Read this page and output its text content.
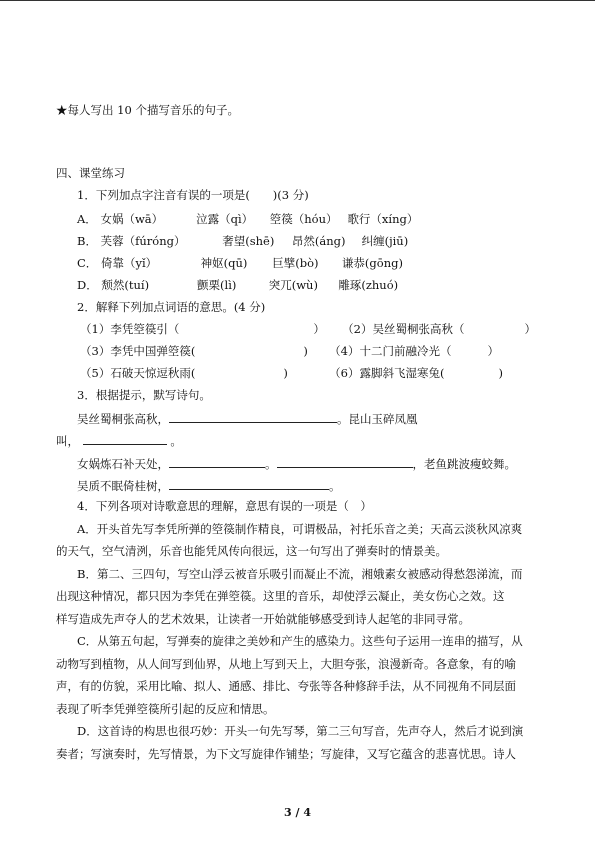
★每人写出 10 个描写音乐的句子。
四、课堂练习
1．下列加点字注音有误的一项是(　　)(3 分)
A． 女娲（wā）	泣露（qì） 箜篌（hóu） 歌行（xíng）
B． 芙蓉（fúróng）	奢望(shē) 昂然(áng) 纠缠(jiū)
C． 倚靠（yǐ）	神妪(qū) 巨擘(bò) 谦恭(gōng)
D． 颓然(tuí)	颤栗(lì)	突兀(wù) 雕琢(zhuó)
2．解释下列加点词语的意思。(4 分)
（1）李凭箜篌引（	） （2）吴丝蜀桐张高秋（	）
（3）李凭中国弹箜篌(	) （4）十二门前融冷光（	）
（5）石破天惊逗秋雨(	)	（6）露脚斜飞湿寒兔(	)
3．根据提示，默写诗句。
吴丝蜀桐张高秋，	。昆山玉碎凤凰
叫，	。
女娲炼石补天处，	。	，老鱼跳波瘦蛟舞。
吴质不眠倚桂树，	。
4．下列各项对诗歌意思的理解，意思有误的一项是（　）
A．开头首先写李凭所弹的箜篌制作精良，可谓极品，衬托乐音之美；天高云淡秋风凉爽
的天气，空气清洌，乐音也能凭风传向很远，这一句写出了弹奏时的情景美。
B．第二、三四句，写空山浮云被音乐吸引而凝止不流，湘娥素女被感动得愁怨涕流，而
出现这种情况，都只因为李凭在弹箜篌。这里的音乐，却使浮云凝止，美女伤心之效。这
样写造成先声夺人的艺术效果，让读者一开始就能够感受到诗人起笔的非同寻常。
C．从第五句起，写弹奏的旋律之美妙和产生的感染力。这些句子运用一连串的描写，从
动物写到植物，从人间写到仙界，从地上写到天上，大胆夸张，浪漫新奇。各意象，有的喻
声，有的仿貌，采用比喻、拟人、通感、排比、夸张等各种修辞手法，从不同视角不同层面
表现了听李凭弹箜篌所引起的反应和情思。
D．这首诗的构思也很巧妙：开头一句先写琴，第二三句写音，先声夺人，然后才说到演
奏者；写演奏时，先写情景，为下文写旋律作铺垫；写旋律，又写它蕴含的悲喜忧思。诗人
3 / 4
